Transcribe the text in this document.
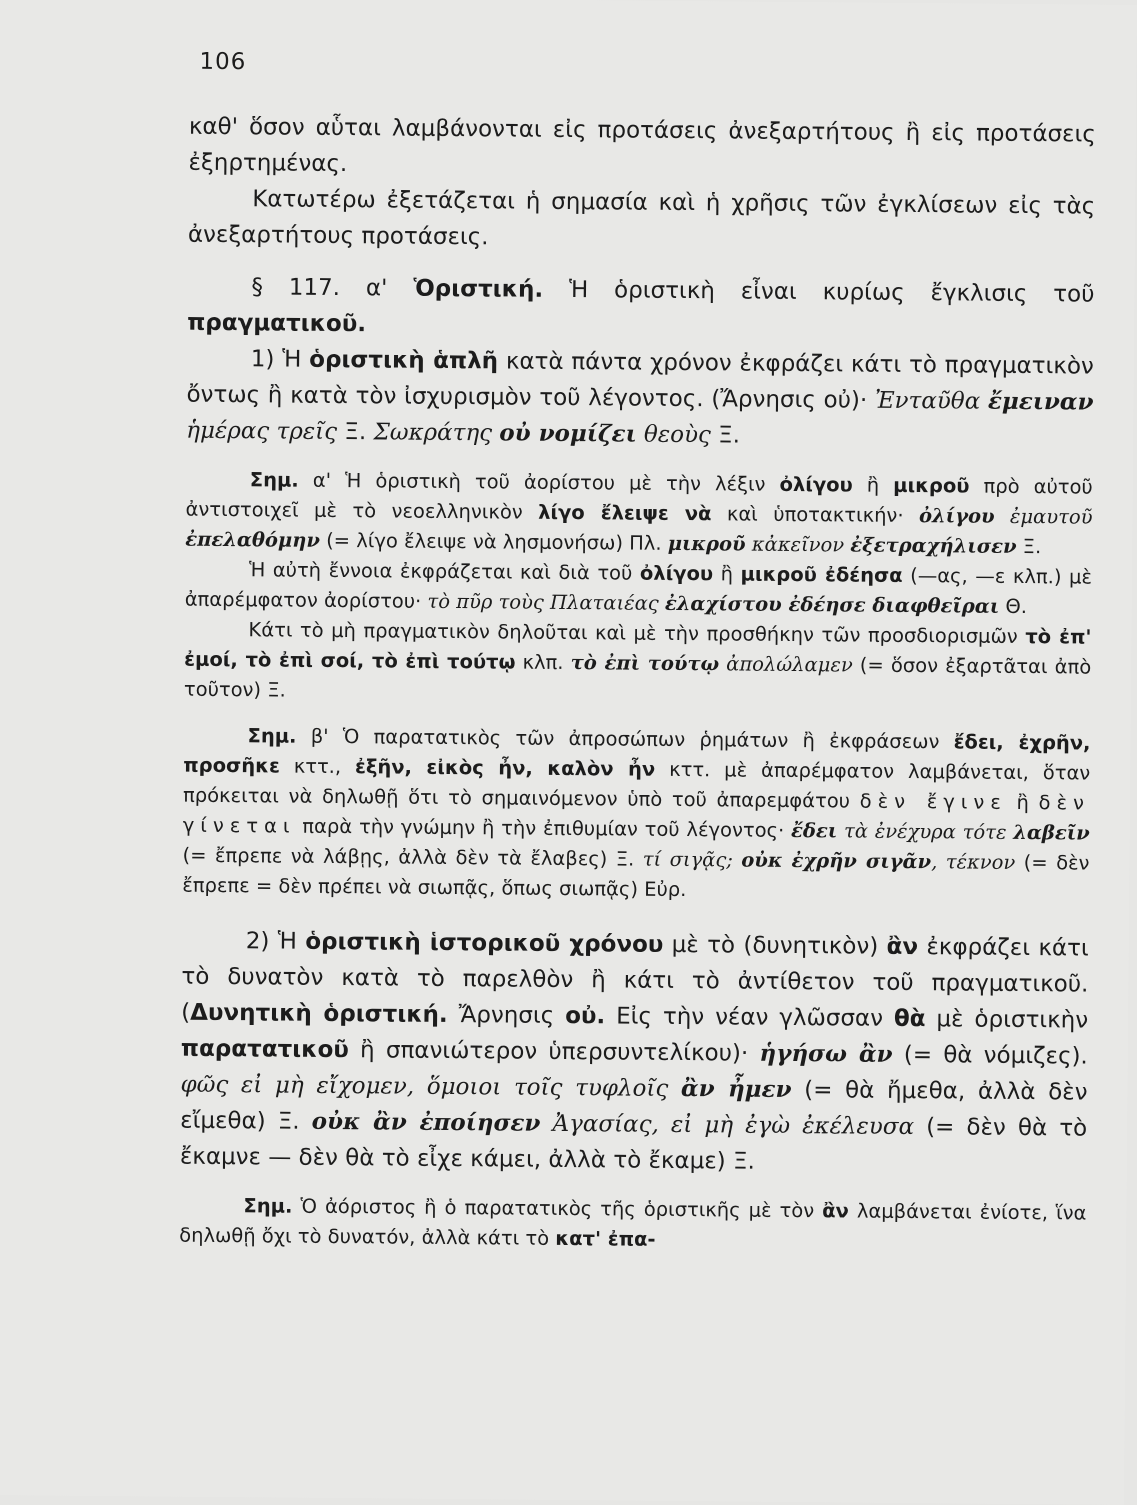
106

καθ' ὅσον αὗται λαμβάνονται εἰς προτάσεις ἀνεξαρτήτους ἢ εἰς προτάσεις ἐξηρτημένας.

Κατωτέρω ἐξετάζεται ἡ σημασία καὶ ἡ χρῆσις τῶν ἐγκλίσεων εἰς τὰς ἀνεξαρτήτους προτάσεις.

§ 117. α' Ὁριστική. Ἡ ὁριστικὴ εἶναι κυρίως ἔγκλισις τοῦ πραγματικοῦ.

1) Ἡ ὁριστικὴ ἁπλῆ κατὰ πάντα χρόνον ἐκφράζει κάτι τὸ πραγματικὸν ὄντως ἢ κατὰ τὸν ἰσχυρισμὸν τοῦ λέγοντος. (Ἄρνησις οὐ)· Ἐνταῦθα ἔμειναν ἡμέρας τρεῖς Ξ. Σωκράτης οὐ νομίζει θεοὺς Ξ.

Σημ. α' Ἡ ὁριστικὴ τοῦ ἀορίστου μὲ τὴν λέξιν ὀλίγου ἢ μικροῦ πρὸ αὐτοῦ ἀντιστοιχεῖ μὲ τὸ νεοελληνικὸν λίγο ἔλειψε νὰ καὶ ὑποτακτικήν· ὀλίγου ἐμαυτοῦ ἐπελαθόμην (= λίγο ἔλειψε νὰ λησμονήσω) Πλ. μικροῦ κἀκεῖνον ἐξετραχήλισεν Ξ.

Ἡ αὐτὴ ἔννοια ἐκφράζεται καὶ διὰ τοῦ ὀλίγου ἢ μικροῦ ἐδέησα (—ας, —ε κλπ.) μὲ ἀπαρέμφατον ἀορίστου· τὸ πῦρ τοὺς Πλαταιέας ἐλαχίστου ἐδέησε διαφθεῖραι Θ.

Κάτι τὸ μὴ πραγματικὸν δηλοῦται καὶ μὲ τὴν προσθήκην τῶν προσδιορισμῶν τὸ ἐπ' ἐμοί, τὸ ἐπὶ σοί, τὸ ἐπὶ τούτῳ κλπ. τὸ ἐπὶ τούτῳ ἀπολώλαμεν (= ὅσον ἐξαρτᾶται ἀπὸ τοῦτον) Ξ.

Σημ. β' Ὁ παρατατικὸς τῶν ἀπροσώπων ῥημάτων ἢ ἐκφράσεων ἔδει, ἐχρῆν, προσῆκε κττ., ἐξῆν, εἰκὸς ἦν, καλὸν ἦν κττ. μὲ ἀπαρέμφατον λαμβάνεται, ὅταν πρόκειται νὰ δηλωθῇ ὅτι τὸ σημαινόμενον ὑπὸ τοῦ ἀπαρεμφάτου δὲν ἔγινε ἢ δὲν γίνεται παρὰ τὴν γνώμην ἢ τὴν ἐπιθυμίαν τοῦ λέγοντος· ἔδει τὰ ἐνέχυρα τότε λαβεῖν (= ἔπρεπε νὰ λάβῃς, ἀλλὰ δὲν τὰ ἔλαβες) Ξ. τί σιγᾷς; οὐκ ἐχρῆν σιγᾶν, τέκνον (= δὲν ἔπρεπε = δὲν πρέπει νὰ σιωπᾷς, ὅπως σιωπᾷς) Εὐρ.

2) Ἡ ὁριστικὴ ἱστορικοῦ χρόνου μὲ τὸ (δυνητικὸν) ἂν ἐκφράζει κάτι τὸ δυνατὸν κατὰ τὸ παρελθὸν ἢ κάτι τὸ ἀντίθετον τοῦ πραγματικοῦ. (Δυνητικὴ ὁριστική. Ἄρνησις οὐ. Εἰς τὴν νέαν γλῶσσαν θὰ μὲ ὁριστικὴν παρατατικοῦ ἢ σπανιώτερον ὑπερσυντελίκου)· ἡγήσω ἂν (= θὰ νόμιζες). φῶς εἰ μὴ εἴχομεν, ὅμοιοι τοῖς τυφλοῖς ἂν ἦμεν (= θὰ ἤμεθα, ἀλλὰ δὲν εἴμεθα) Ξ. οὐκ ἂν ἐποίησεν Ἀγασίας, εἰ μὴ ἐγὼ ἐκέλευσα (= δὲν θὰ τὸ ἔκαμνε — δὲν θὰ τὸ εἶχε κάμει, ἀλλὰ τὸ ἔκαμε) Ξ.

Σημ. Ὁ ἀόριστος ἢ ὁ παρατατικὸς τῆς ὁριστικῆς μὲ τὸν ἂν λαμβάνεται ἐνίοτε, ἵνα δηλωθῇ ὄχι τὸ δυνατόν, ἀλλὰ κάτι τὸ κατ' ἐπα-
